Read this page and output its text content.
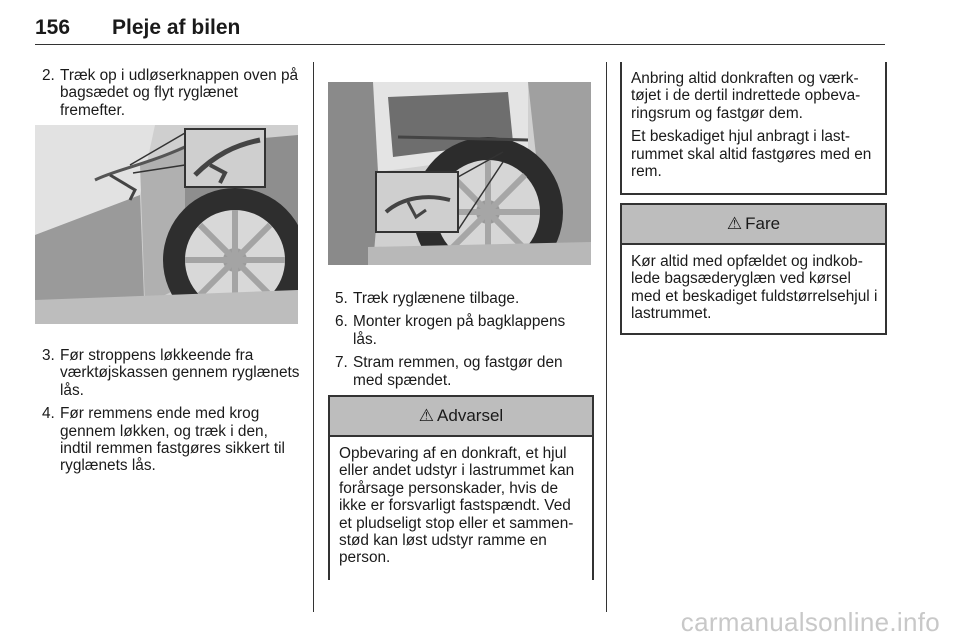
156 Pleje af bilen
2. Træk op i udløserknappen oven på bagsædet og flyt ryglænet fremefter.
3. Før stroppens løkkeende fra værktøjskassen gennem ryglænets lås.
4. Før remmens ende med krog gennem løkken, og træk i den, indtil remmen fastgøres sikkert til ryglænets lås.
5. Træk ryglænene tilbage.
6. Monter krogen på bagklappens lås.
7. Stram remmen, og fastgør den med spændet.
⚠ Advarsel
Opbevaring af en donkraft, et hjul eller andet udstyr i lastrummet kan forårsage personskader, hvis de ikke er forsvarligt fastspændt. Ved et pludseligt stop eller et sammenstød kan løst udstyr ramme en person.

Anbring altid donkraften og værktøjet i de dertil indrettede opbevaringsrum og fastgør dem.

Et beskadiget hjul anbragt i lastrummet skal altid fastgøres med en rem.

⚠ Fare
Kør altid med opfældet og indkoblede bagsæderyglæn ved kørsel med et beskadiget fuldstørrelsehjul i lastrummet.
carmanualsonline.info
